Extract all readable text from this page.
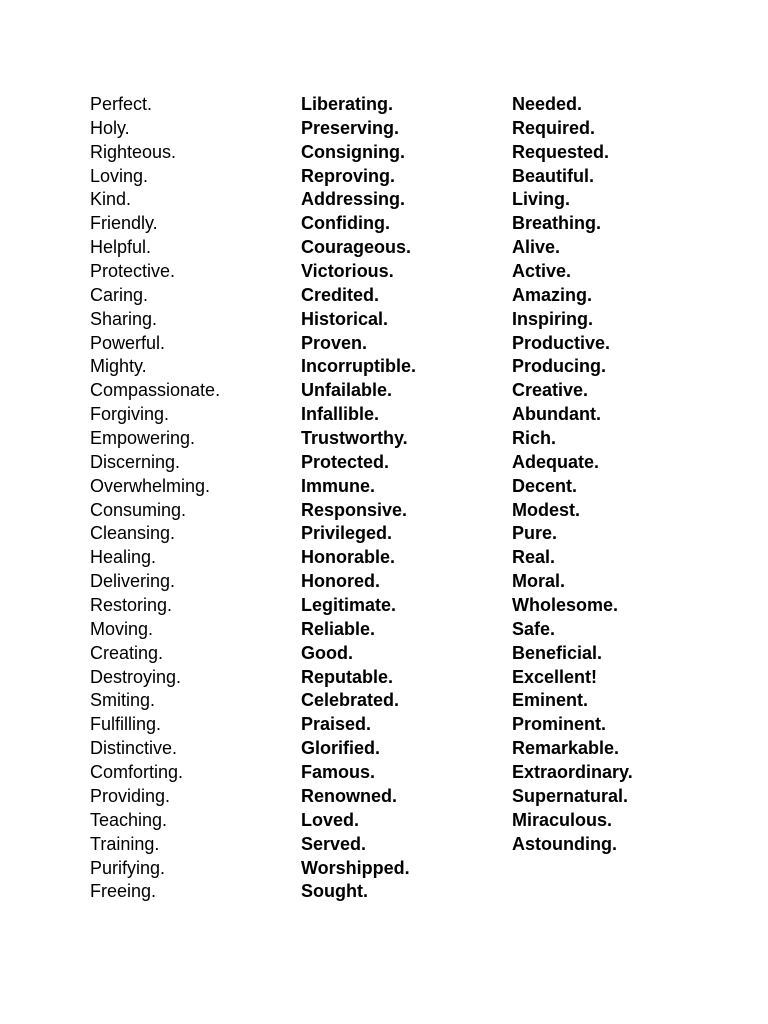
Perfect.
Holy.
Righteous.
Loving.
Kind.
Friendly.
Helpful.
Protective.
Caring.
Sharing.
Powerful.
Mighty.
Compassionate.
Forgiving.
Empowering.
Discerning.
Overwhelming.
Consuming.
Cleansing.
Healing.
Delivering.
Restoring.
Moving.
Creating.
Destroying.
Smiting.
Fulfilling.
Distinctive.
Comforting.
Providing.
Teaching.
Training.
Purifying.
Freeing.
Liberating.
Preserving.
Consigning.
Reproving.
Addressing.
Confiding.
Courageous.
Victorious.
Credited.
Historical.
Proven.
Incorruptible.
Unfailable.
Infallible.
Trustworthy.
Protected.
Immune.
Responsive.
Privileged.
Honorable.
Honored.
Legitimate.
Reliable.
Good.
Reputable.
Celebrated.
Praised.
Glorified.
Famous.
Renowned.
Loved.
Served.
Worshipped.
Sought.
Needed.
Required.
Requested.
Beautiful.
Living.
Breathing.
Alive.
Active.
Amazing.
Inspiring.
Productive.
Producing.
Creative.
Abundant.
Rich.
Adequate.
Decent.
Modest.
Pure.
Real.
Moral.
Wholesome.
Safe.
Beneficial.
Excellent!
Eminent.
Prominent.
Remarkable.
Extraordinary.
Supernatural.
Miraculous.
Astounding.
